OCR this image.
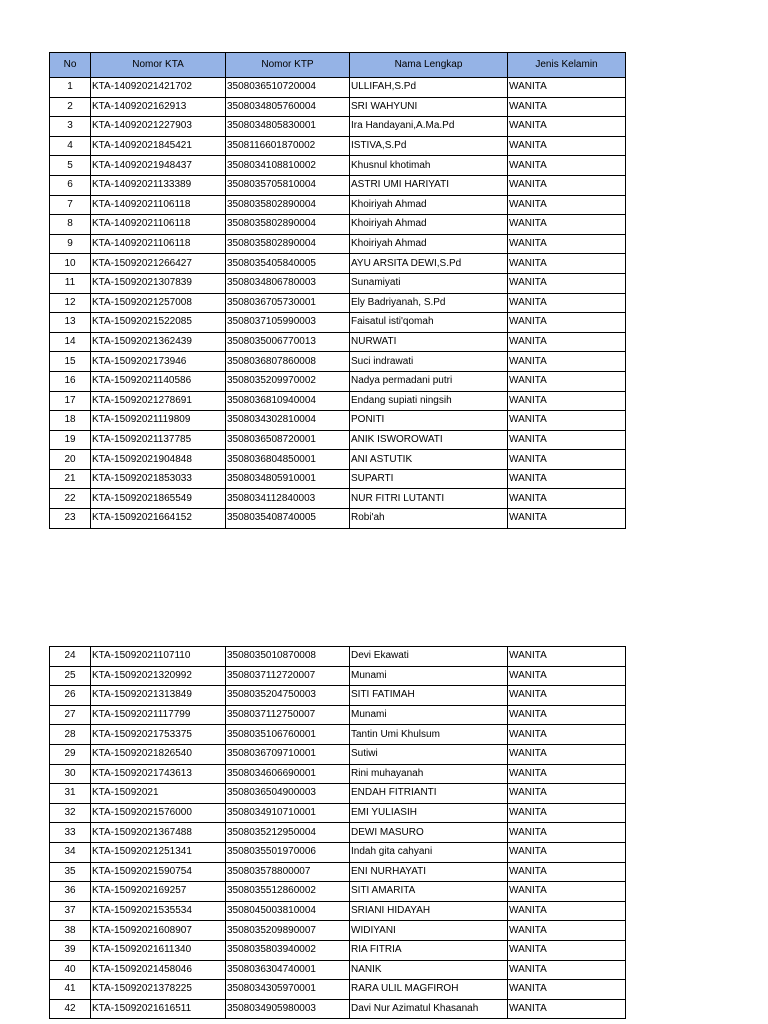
No	Nomor KTA	Nomor KTP	Nama Lengkap	Jenis Kelamin
1	KTA-14092021421702	3508036510720004	ULLIFAH,S.Pd	WANITA
2	KTA-1409202162913	3508034805760004	SRI WAHYUNI	WANITA
3	KTA-14092021227903	3508034805830001	Ira Handayani,A.Ma.Pd	WANITA
4	KTA-14092021845421	3508116601870002	ISTIVA,S.Pd	WANITA
5	KTA-14092021948437	3508034108810002	Khusnul khotimah	WANITA
6	KTA-14092021133389	3508035705810004	ASTRI UMI HARIYATI	WANITA
7	KTA-14092021106118	3508035802890004	Khoiriyah Ahmad	WANITA
8	KTA-14092021106118	3508035802890004	Khoiriyah Ahmad	WANITA
9	KTA-14092021106118	3508035802890004	Khoiriyah Ahmad	WANITA
10	KTA-15092021266427	3508035405840005	AYU ARSITA DEWI,S.Pd	WANITA
11	KTA-15092021307839	3508034806780003	Sunamiyati	WANITA
12	KTA-15092021257008	3508036705730001	Ely Badriyanah, S.Pd	WANITA
13	KTA-15092021522085	3508037105990003	Faisatul isti'qomah	WANITA
14	KTA-15092021362439	3508035006770013	NURWATI	WANITA
15	KTA-1509202173946	3508036807860008	Suci indrawati	WANITA
16	KTA-15092021140586	3508035209970002	Nadya permadani putri	WANITA
17	KTA-15092021278691	3508036810940004	Endang supiati ningsih	WANITA
18	KTA-15092021119809	3508034302810004	PONITI	WANITA
19	KTA-15092021137785	3508036508720001	ANIK ISWOROWATI	WANITA
20	KTA-15092021904848	3508036804850001	ANI ASTUTIK	WANITA
21	KTA-15092021853033	3508034805910001	SUPARTI	WANITA
22	KTA-15092021865549	3508034112840003	NUR FITRI LUTANTI	WANITA
23	KTA-15092021664152	3508035408740005	Robi'ah	WANITA
24	KTA-15092021107110	3508035010870008	Devi Ekawati	WANITA
25	KTA-15092021320992	3508037112720007	Munami	WANITA
26	KTA-15092021313849	3508035204750003	SITI FATIMAH	WANITA
27	KTA-15092021117799	3508037112750007	Munami	WANITA
28	KTA-15092021753375	3508035106760001	Tantin Umi Khulsum	WANITA
29	KTA-15092021826540	3508036709710001	Sutiwi	WANITA
30	KTA-15092021743613	3508034606690001	Rini muhayanah	WANITA
31	KTA-15092021	3508036504900003	ENDAH FITRIANTI	WANITA
32	KTA-15092021576000	3508034910710001	EMI YULIASIH	WANITA
33	KTA-15092021367488	3508035212950004	DEWI MASURO	WANITA
34	KTA-15092021251341	3508035501970006	Indah gita cahyani	WANITA
35	KTA-15092021590754	350803578800007	ENI NURHAYATI	WANITA
36	KTA-1509202169257	3508035512860002	SITI AMARITA	WANITA
37	KTA-15092021535534	3508045003810004	SRIANI HIDAYAH	WANITA
38	KTA-15092021608907	3508035209890007	WIDIYANI	WANITA
39	KTA-15092021611340	3508035803940002	RIA FITRIA	WANITA
40	KTA-15092021458046	3508036304740001	NANIK	WANITA
41	KTA-15092021378225	3508034305970001	RARA ULIL MAGFIROH	WANITA
42	KTA-15092021616511	3508034905980003	Davi Nur Azimatul Khasanah	WANITA
